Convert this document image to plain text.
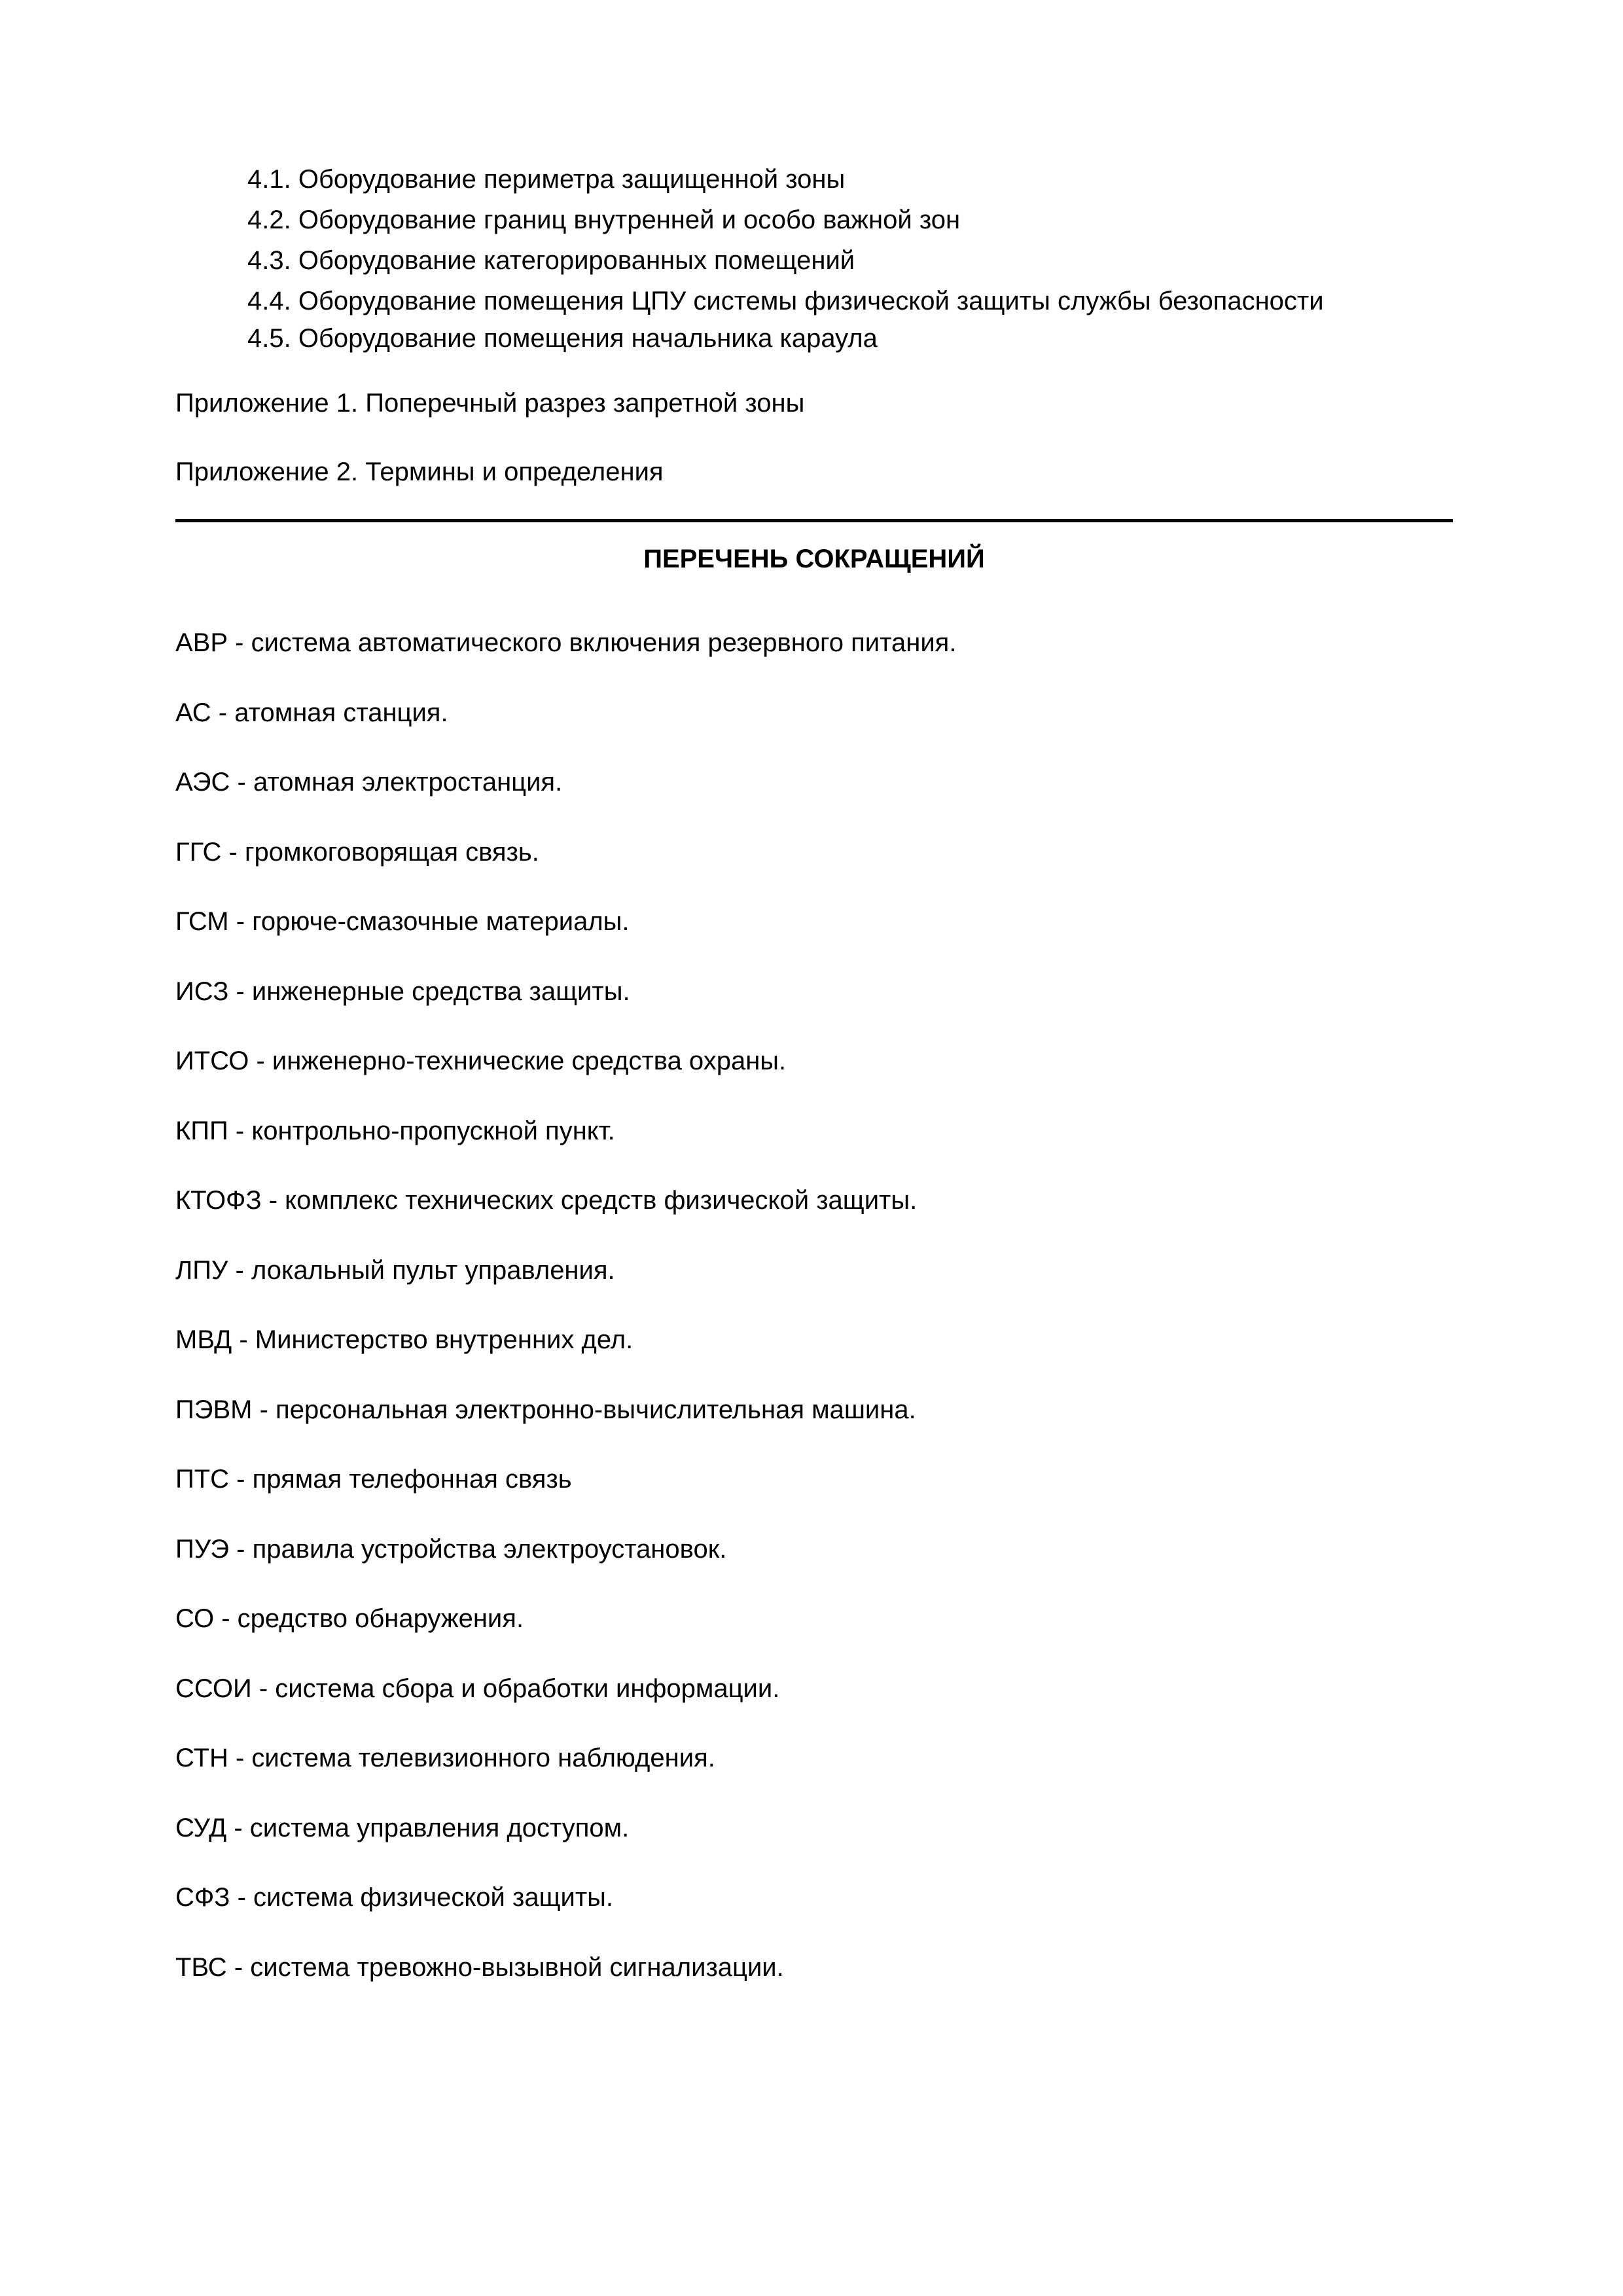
4.1. Оборудование периметра защищенной зоны
4.2. Оборудование границ внутренней и особо важной зон
4.3. Оборудование категорированных помещений
4.4. Оборудование помещения ЦПУ системы физической защиты службы безопасности
4.5. Оборудование помещения начальника караула
Приложение 1. Поперечный разрез запретной зоны
Приложение 2. Термины и определения
ПЕРЕЧЕНЬ СОКРАЩЕНИЙ
АВР - система автоматического включения резервного питания.
АС - атомная станция.
АЭС - атомная электростанция.
ГГС - громкоговорящая связь.
ГСМ - горюче-смазочные материалы.
ИСЗ - инженерные средства защиты.
ИТСО - инженерно-технические средства охраны.
КПП - контрольно-пропускной пункт.
КТОФЗ - комплекс технических средств физической защиты.
ЛПУ - локальный пульт управления.
МВД - Министерство внутренних дел.
ПЭВМ - персональная электронно-вычислительная машина.
ПТС - прямая телефонная связь
ПУЭ - правила устройства электроустановок.
СО - средство обнаружения.
ССОИ - система сбора и обработки информации.
СТН - система телевизионного наблюдения.
СУД - система управления доступом.
СФЗ - система физической защиты.
ТВС - система тревожно-вызывной сигнализации.
